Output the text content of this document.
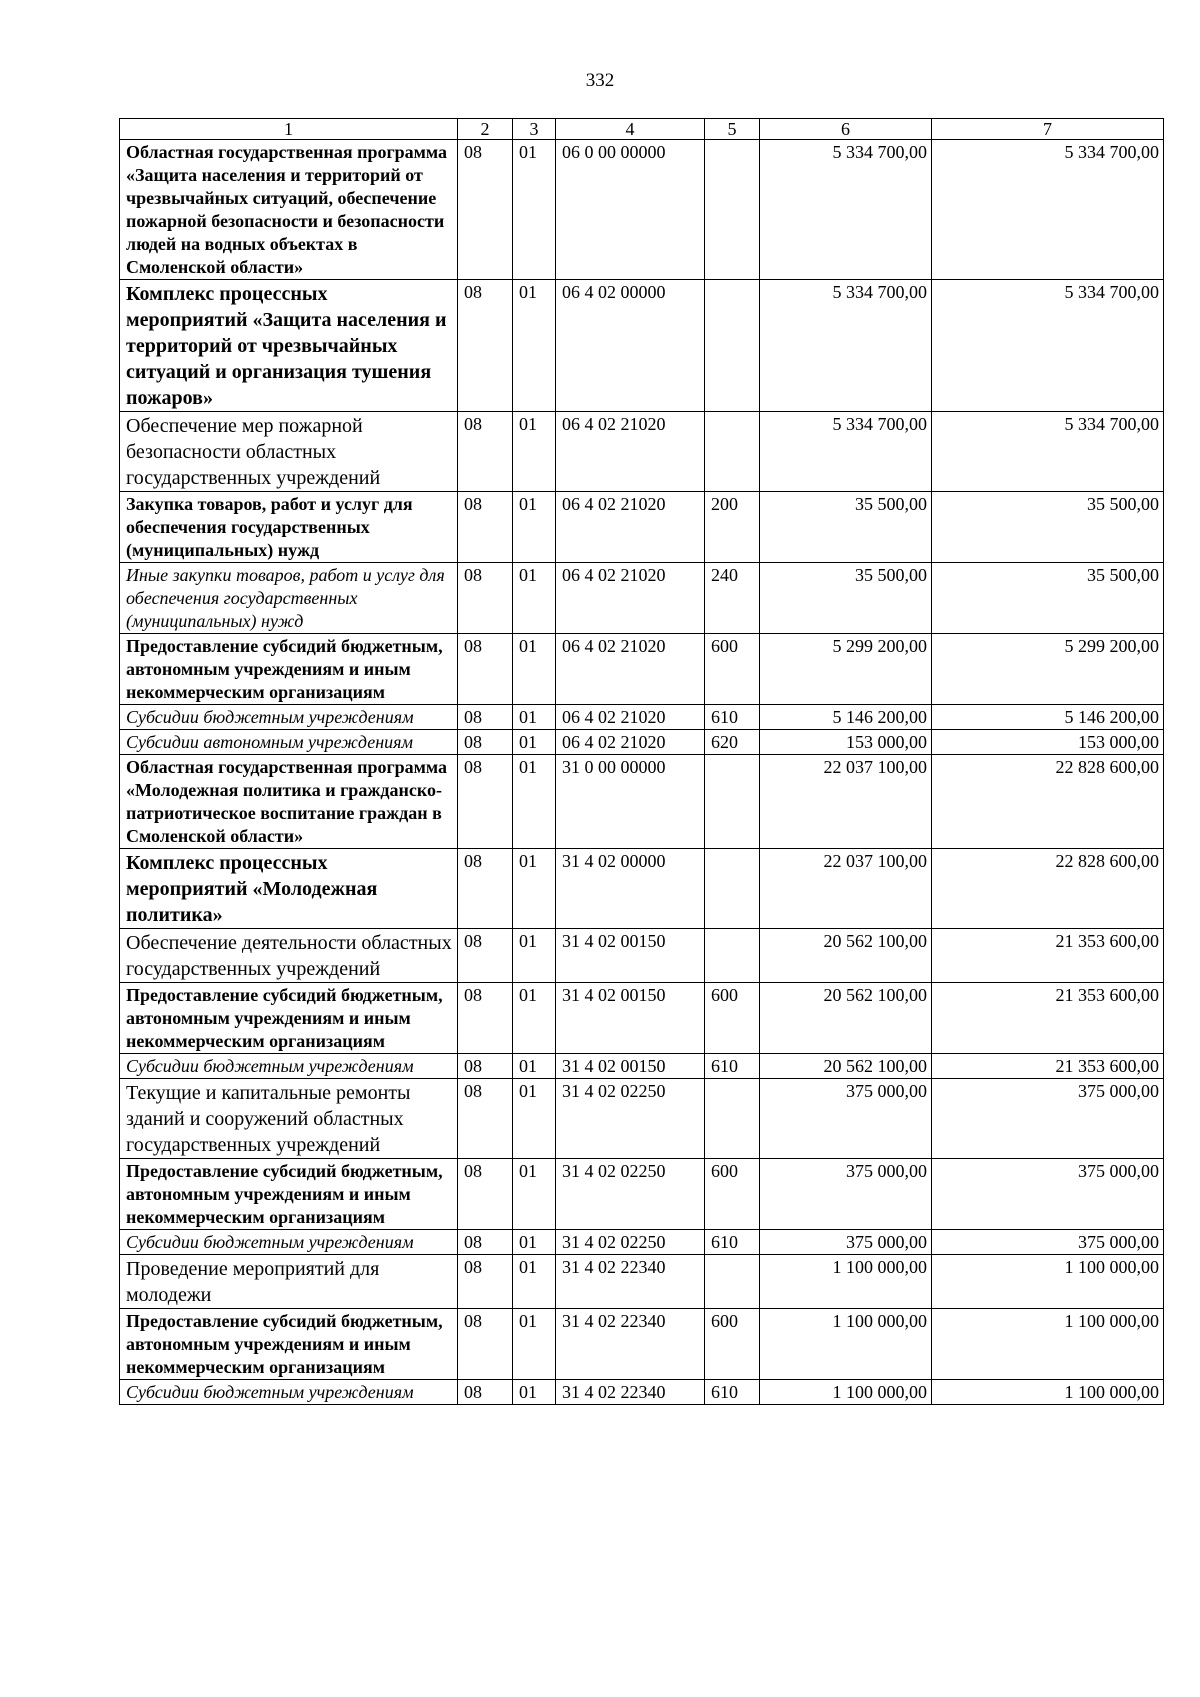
332
1	2	3	4	5	6	7
Областная государственная программа «Защита населения и территорий от чрезвычайных ситуаций, обеспечение пожарной безопасности и безопасности людей на водных объектах в Смоленской области»	08	01	06 0 00 00000		5 334 700,00	5 334 700,00
Комплекс процессных мероприятий «Защита населения и территорий от чрезвычайных ситуаций и организация тушения пожаров»	08	01	06 4 02 00000		5 334 700,00	5 334 700,00
Обеспечение мер пожарной безопасности областных государственных учреждений	08	01	06 4 02 21020		5 334 700,00	5 334 700,00
Закупка товаров, работ и услуг для обеспечения государственных (муниципальных) нужд	08	01	06 4 02 21020	200	35 500,00	35 500,00
Иные закупки товаров, работ и услуг для обеспечения государственных (муниципальных) нужд	08	01	06 4 02 21020	240	35 500,00	35 500,00
Предоставление субсидий бюджетным, автономным учреждениям и иным некоммерческим организациям	08	01	06 4 02 21020	600	5 299 200,00	5 299 200,00
Субсидии бюджетным учреждениям	08	01	06 4 02 21020	610	5 146 200,00	5 146 200,00
Субсидии автономным учреждениям	08	01	06 4 02 21020	620	153 000,00	153 000,00
Областная государственная программа «Молодежная политика и гражданско-патриотическое воспитание граждан в Смоленской области»	08	01	31 0 00 00000		22 037 100,00	22 828 600,00
Комплекс процессных мероприятий «Молодежная политика»	08	01	31 4 02 00000		22 037 100,00	22 828 600,00
Обеспечение деятельности областных государственных учреждений	08	01	31 4 02 00150		20 562 100,00	21 353 600,00
Предоставление субсидий бюджетным, автономным учреждениям и иным некоммерческим организациям	08	01	31 4 02 00150	600	20 562 100,00	21 353 600,00
Субсидии бюджетным учреждениям	08	01	31 4 02 00150	610	20 562 100,00	21 353 600,00
Текущие и капитальные ремонты зданий и сооружений областных государственных учреждений	08	01	31 4 02 02250		375 000,00	375 000,00
Предоставление субсидий бюджетным, автономным учреждениям и иным некоммерческим организациям	08	01	31 4 02 02250	600	375 000,00	375 000,00
Субсидии бюджетным учреждениям	08	01	31 4 02 02250	610	375 000,00	375 000,00
Проведение мероприятий для молодежи	08	01	31 4 02 22340		1 100 000,00	1 100 000,00
Предоставление субсидий бюджетным, автономным учреждениям и иным некоммерческим организациям	08	01	31 4 02 22340	600	1 100 000,00	1 100 000,00
Субсидии бюджетным учреждениям	08	01	31 4 02 22340	610	1 100 000,00	1 100 000,00
